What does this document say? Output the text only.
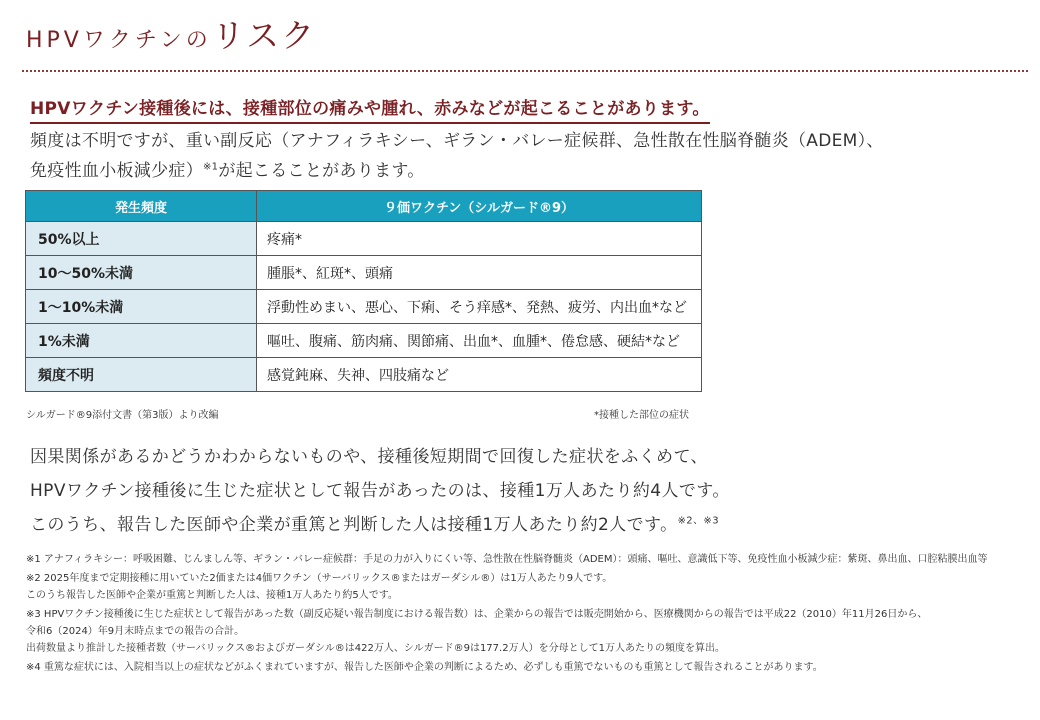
HPVワクチンのリスク
HPVワクチン接種後には、接種部位の痛みや腫れ、赤みなどが起こることがあります。
頻度は不明ですが、重い副反応（アナフィラキシー、ギラン・バレー症候群、急性散在性脳脊髄炎（ADEM）、
免疫性血小板減少症）$^{※1}$が起こることがあります。
発生頻度	９価ワクチン（シルガード®9）
50%以上	疼痛*
10〜50%未満	腫脹*、紅斑*、頭痛
1〜10%未満	浮動性めまい、悪心、下痢、そう痒感*、発熱、疲労、内出血*など
1%未満	嘔吐、腹痛、筋肉痛、関節痛、出血*、血腫*、倦怠感、硬結*など
頻度不明	感覚鈍麻、失神、四肢痛など
シルガード®9添付文書（第3版）より改編	*接種した部位の症状
因果関係があるかどうかわからないものや、接種後短期間で回復した症状をふくめて、
HPVワクチン接種後に生じた症状として報告があったのは、接種1万人あたり約4人です。
このうち、報告した医師や企業が重篤と判断した人は接種1万人あたり約2人です。$^{※2、※3}$
※1 アナフィラキシー：呼吸困難、じんましん等、ギラン・バレー症候群：手足の力が入りにくい等、急性散在性脳脊髄炎（ADEM）：頭痛、嘔吐、意識低下等、免疫性血小板減少症：紫斑、鼻出血、口腔粘膜出血等
※2 2025年度まで定期接種に用いていた2価または4価ワクチン（サーバリックス®またはガーダシル®）は1万人あたり9人です。
このうち報告した医師や企業が重篤と判断した人は、接種1万人あたり約5人です。
※3 HPVワクチン接種後に生じた症状として報告があった数（副反応疑い報告制度における報告数）は、企業からの報告では販売開始から、医療機関からの報告では平成22（2010）年11月26日から、
令和6（2024）年9月末時点までの報告の合計。
出荷数量より推計した接種者数（サーバリックス®およびガーダシル®は422万人、シルガード®9は177.2万人）を分母として1万人あたりの頻度を算出。
※4 重篤な症状には、入院相当以上の症状などがふくまれていますが、報告した医師や企業の判断によるため、必ずしも重篤でないものも重篤として報告されることがあります。
